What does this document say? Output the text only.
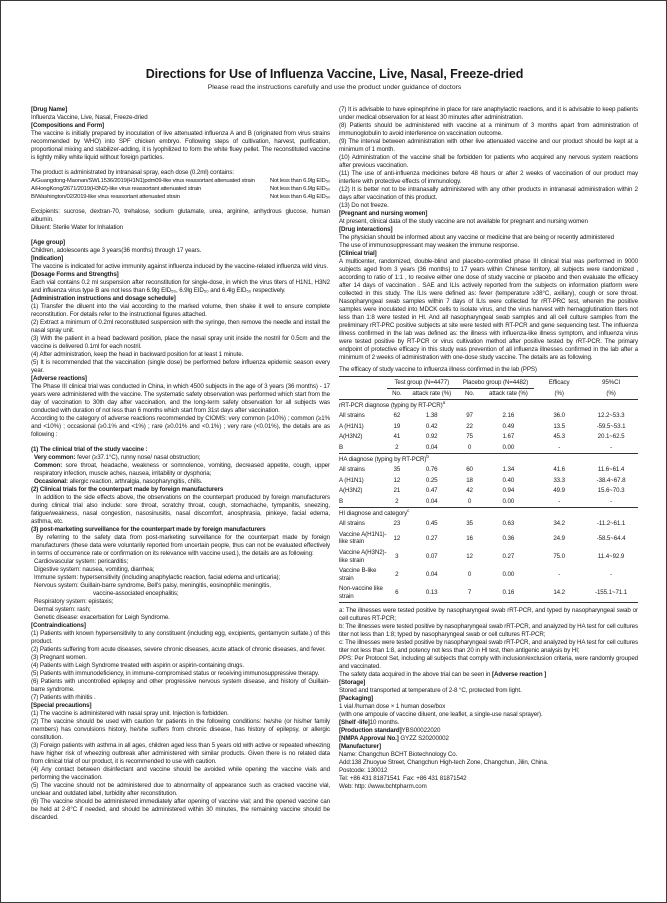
Directions for Use of Influenza Vaccine, Live, Nasal, Freeze-dried

Please read the instructions carefully and use the product under guidance of doctors

[Drug Name]

Influenza Vaccine, Live, Nasal, Freeze-dried

[Compositions and Form]

The vaccine is initially prepared by inoculation of live attenuated influenza A and B (originated from virus strains recommended by WHO) into SPF chicken embryo. Following steps of cultivation, harvest, purification, proportional mixing and stabilizer-adding, it is lyophilized to form the white fluey pellet. The reconstituted vaccine is lightly milky white liquid without foreign particles.

The product is administrated by intranasal spray, each dose (0.2ml) contains:

A/Guangdong-Maonan/SWL1536/2019(H1N1)pdm09-like virus reassortant attenuated strain	Not less than 6.9lg EID₅₀
A/HongKong/2671/2019(H3N2)-like virus reassortant attenuated strain	Not less than 6.9lg EID₅₀
B/Washington/02/2019-like virus reassortant attenuated strain	Not less than 6.4lg EID₅₀

Excipients: sucrose, dextran-70, trehalose, sodium glutamate, urea, arginine, anhydrous glucose, human albumin.

Diluent: Sterile Water for Inhalation

[Age group]

Children, adolescents age 3 years(36 months) through 17 years.

[Indication]

The vaccine is indicated for active immunity against influenza induced by the vaccine-related influenza wild virus.

[Dosage Forms and Strengths]

Each vial contains 0.2 ml suspension after reconstitution for single-dose, in which the virus titers of H1N1, H3N2 and influenza virus type B are not less than 6.9lg EID₅₀, 6.9lg EID₅₀ and 6.4lg EID₅₀ respectively.

[Administration instructions and dosage schedule]

(1) Transfer the diluent into the vial according to the marked volume, then shake it well to ensure complete reconstitution. For details refer to the instructional figures attached.

(2) Extract a minimum of 0.2ml reconstituted suspension with the syringe, then remove the needle and install the nasal spray unit.

(3) With the patient in a head backward position, place the nasal spray unit inside the nostril for 0.5cm and the vaccine is delivered 0.1ml for each nostril.

(4) After administration, keep the head in backward position for at least 1 minute.

(5) It is recommended that the vaccination (single dose) be performed before influenza epidemic season every year.

[Adverse reactions]

The Phase III clinical trial was conducted in China, in which 4500 subjects in the age of 3 years (36 months) - 17 years were administered with the vaccine. The systematic safety observation was performed which start from the day of vaccination to 30th day after vaccination, and the long-term safety observation for all subjects was conducted with duration of not less than 6 months which start from 31st days after vaccination.

According to the category of adverse reactions recommended by CIOMS: very common (≥10%) ; common (≥1% and <10%) ; occasional (≥0.1% and <1%) ; rare (≥0.01% and <0.1%) ; very rare (<0.01%), the details are as following :

(1) The clinical trial of the study vaccine :

Very common: fever (≥37.1°C), runny nose/ nasal obstruction;

Common: sore throat, headache, weakness or somnolence, vomiting, decreased appetite, cough, upper respiratory infection, muscle aches, nausea, irritability or dysphoria;

Occasional: allergic reaction, arthralgia, nasopharyngitis, chills.

(2) Clinical trials for the counterpart made by foreign manufacturers

In addition to the side effects above, the observations on the counterpart produced by foreign manufacturers during clinical trial also include: sore throat, scratchy throat, cough, stomachache, tympanitis, sneezing, fatigue/weakness, nasal congestion, nasosinusitis, nasal discomfort, anosphrasia, pinkeye, facial edema, asthma, etc.

(3) post-marketing surveillance for the counterpart made by foreign manufacturers

By referring to the safety data from post-marketing surveillance for the counterpart made by foreign manufacturers (these data were voluntarily reported from uncertain people, thus can not be evaluated effectively in terms of occurrence rate or confirmation on its relevance with vaccine used.), the details are as following:

Cardiovascular system: pericarditis;

Digestive system: nausea, vomiting, diarrhea;

Immune system: hypersensitivity (including anaphylactic reaction, facial edema and urticaria);

Nervous system: Guillain-barre syndrome, Bell's palsy, meningitis, eosinophilic meningitis,

vaccine-associated encephalitis;

Respiratory system: epistaxis;

Dermal system: rash;

Genetic disease: exacerbation for Leigh Syndrome.

[Contraindications]

(1) Patients with known hypersensitivity to any constituent (including egg, excipients, gentamycin sulfate.) of this product.

(2) Patients suffering from acute diseases, severe chronic diseases, acute attack of chronic diseases, and fever.

(3) Pregnant women.

(4) Patients with Leigh Syndrome treated with aspirin or aspirin-containing drugs.

(5) Patients with immunodeficiency, in immune-compromised status or receiving immunosuppressive therapy.

(6) Patients with uncontrolled epilepsy and other progressive nervous system disease, and history of Guillain-barre syndrome.

(7) Patients with rhinitis .

[Special precautions]

(1) The vaccine is administered with nasal spray unit. Injection is forbidden.

(2) The vaccine should be used with caution for patients in the following conditions: he/she (or his/her family members) has convulsions history, he/she suffers from chronic disease, has history of epilepsy, or allergic constitution.

(3) Foreign patients with asthma in all ages, children aged less than 5 years old with active or repeated wheezing have higher risk of wheezing outbreak after administered with similar products. Given there is no related data from clinical trial of our product, it is recommended to use with caution.

(4) Any contact between disinfectant and vaccine should be avoided while opening the vaccine vials and performing the vaccination.

(5) The vaccine should not be administered due to abnormality of appearance such as cracked vaccine vial, unclear and outdated label, turbidity after reconstitution.

(6) The vaccine should be administered immediately after opening of vaccine vial; and the opened vaccine can be held at 2-8°C if needed, and should be administered within 30 minutes, the remaining vaccine should be discarded.

(7) It is advisable to have epinephrine in place for rare anaphylactic reactions, and it is advisable to keep patients under medical observation for at least 30 minutes after administration.

(8) Patients should be administered with vaccine at a minimum of 3 months apart from administration of immunoglobulin to avoid interference on vaccination outcome.

(9) The interval between administration with other live attenuated vaccine and our product should be kept at a minimum of 1 month.

(10) Administration of the vaccine shall be forbidden for patients who acquired any nervous system reactions after previous vaccination.

(11) The use of anti-influenza medicines before 48 hours or after 2 weeks of vaccination of our product may interfere with protective effects of immunology.

(12) It is better not to be intranasally administered with any other products in intranasal administration within 2 days after vaccination of this product.

(13) Do not freeze.

[Pregnant and nursing women]

At present, clinical data of the study vaccine are not available for pregnant and nursing women

[Drug interactions]

The physician should be informed about any vaccine or medicine that are being or recently administered

The use of immunosuppressant may weaken the immune response.

[Clinical trial]

A multicenter, randomized, double-blind and placebo-controlled phase III clinical trial was performed in 9000 subjects aged from 3 years (36 months) to 17 years within Chinese territory, all subjects were randomized , according to ratio of 1:1 , to receive either one dose of study vaccine or placebo and then evaluate the efficacy after 14 days of vaccination . SAE and ILIs actively reported from the subjects on information platform were collected in this study. The ILIs were defined as: fever (temperature ≥38°C, axillary), cough or sore throat. Nasopharyngeal swab samples within 7 days of ILIs were collected for rRT-PRC test, wherein the positive samples were inoculated into MDCK cells to isolate virus, and the virus harvest with hemagglutination titers not less than 1:8 were tested in HI. And all nasopharyngeal swab samples and all cell culture samples from the preliminary rRT-PRC positive subjects at site were tested with RT-PCR and gene sequencing test. The influenza illness confirmed in the lab was defined as: the illness with influenza-like illness symptom, and influenza virus were tested positive by RT-PCR or virus cultivation method after positive tested by rRT-PCR. The primary endpoint of protective efficacy in this study was prevention of all influenza illnesses confirmed in the lab after a minimum of 2 weeks of administration with one-dose study vaccine. The details are as following.

The efficacy of study vaccine to influenza illness confirmed in the lab (PPS)

	Test group (N=4477)		Placebo group (N=4482)		Efficacy	95%CI
	No.	attack rate (%)	No.	attack rate (%)	(%)	(%)
rRT-PCR diagnose (typing by RT-PCR)$^a$
All strains	62	1.38	97	2.16	36.0	12.2~53.3
A (H1N1)	19	0.42	22	0.49	13.5	-59.5~53.1
A(H3N2)	41	0.92	75	1.67	45.3	20.1~62.5
B	2	0.04	0	0.00	-	-
HA diagnose (typing by RT-PCR)$^b$
All strains	35	0.76	60	1.34	41.6	11.6~61.4
A (H1N1)	12	0.25	18	0.40	33.3	-38.4~67.8
A(H3N2)	21	0.47	42	0.94	49.9	15.6~70.3
B	2	0.04	0	0.00	-	-
HI diagnose and category$^c$
All strains	23	0.45	35	0.63	34.2	-11.2~61.1
Vaccine A(H1N1)-like strain	12	0.27	16	0.36	24.9	-58.5~64.4
Vaccine A(H3N2)-like strain	3	0.07	12	0.27	75.0	11.4~92.9
Vaccine B-like strain	2	0.04	0	0.00	-	-
Non-vaccine like strain	6	0.13	7	0.16	14.2	-155.1~71.1

a: The illnesses were tested positive by nasopharyngeal swab rRT-PCR, and typed by nasopharyngeal swab or cell cultures RT-PCR;

b: The illnesses were tested positive by nasopharyngeal swab rRT-PCR, and analyzed by HA test for cell cultures titer not less than 1:8; typed by nasopharyngeal swab or cell cultures RT-PCR;

c: The illnesses were tested positive by nasopharyngeal swab rRT-PCR, and analyzed by HA test for cell cultures titer not less than 1:8, and potency not less than 20 in HI test, then antigenic analysis by HI;

PPS: Per Protocol Set, including all subjects that comply with inclusion/exclusion criteria, were randomly grouped and vaccinated.

The safety data acquired in the above trial can be seen in [Adverse reaction ]

[Storage]

Stored and transported at temperature of 2-8 °C, protected from light.

[Packaging]

1 vial /human dose × 1 human dose/box

(with one ampoule of vaccine diluent, one leaflet, a single-use nasal sprayer).

[Shelf -life]10 months.

[Production standard]YBS00022020

[NMPA Approval No.] GYZZ S20200002

[Manufacturer]

Name: Changchun BCHT Biotechnology Co.

Add:138 Zhuoyue Street, Changchun High-tech Zone, Changchun, Jilin, China.

Postcode: 130012

Tel: +86 431 81871541 Fax: +86 431 81871542

Web: http: //www.bchtpharm.com
